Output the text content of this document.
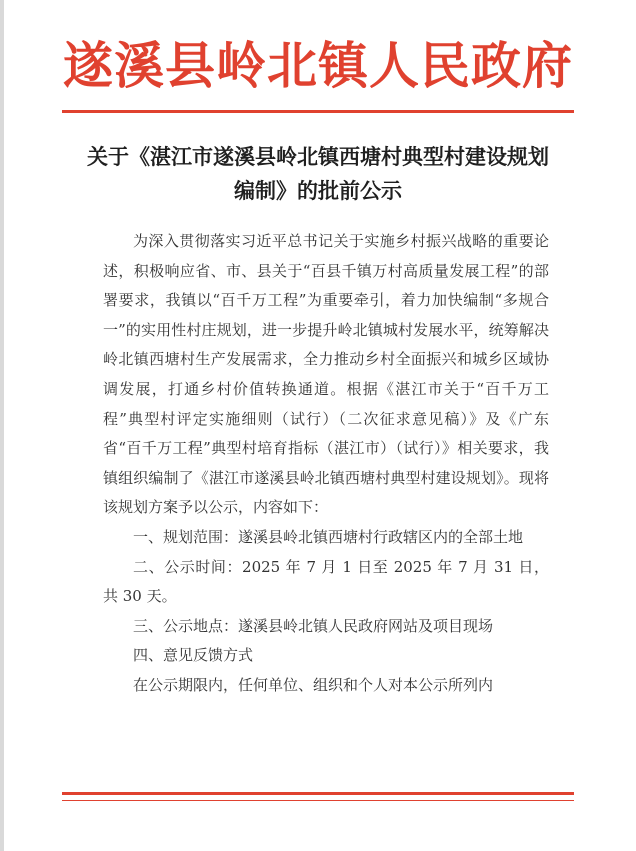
遂溪县岭北镇人民政府
关于《湛江市遂溪县岭北镇西塘村典型村建设规划编制》的批前公示

为深入贯彻落实习近平总书记关于实施乡村振兴战略的重要论述，积极响应省、市、县关于“百县千镇万村高质量发展工程”的部署要求，我镇以“百千万工程”为重要牵引，着力加快编制“多规合一”的实用性村庄规划，进一步提升岭北镇城村发展水平，统筹解决岭北镇西塘村生产发展需求，全力推动乡村全面振兴和城乡区域协调发展，打通乡村价值转换通道。根据《湛江市关于“百千万工程”典型村评定实施细则（试行）（二次征求意见稿）》及《广东省“百千万工程”典型村培育指标（湛江市）（试行）》相关要求，我镇组织编制了《湛江市遂溪县岭北镇西塘村典型村建设规划》。现将该规划方案予以公示，内容如下：

一、规划范围：遂溪县岭北镇西塘村行政辖区内的全部土地

二、公示时间：2025 年 7 月 1 日至 2025 年 7 月 31 日，共 30 天。

三、公示地点：遂溪县岭北镇人民政府网站及项目现场

四、意见反馈方式

在公示期限内，任何单位、组织和个人对本公示所列内
